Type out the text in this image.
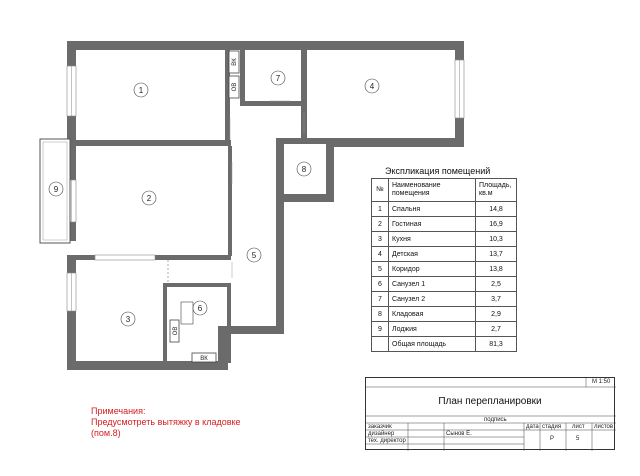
ВК
ОВ
ОВ
ВК
1
2
3
4
5
6
7
8
9
Экспликация помещений
№	Наименование помещения	Площадь, кв.м
1	Спальня	14,8
2	Гостиная	16,9
3	Кухня	10,3
4	Детская	13,7
5	Коридор	13,8
6	Санузел 1	2,5
7	Санузел 2	3,7
8	Кладовая	2,9
9	Лоджия	2,7
	Общая площадь	81,3
Примечания:
Предусмотреть вытяжку в кладовке
(пом.8)
М 1:50
План перепланировки
подпись
заказчик
дизайнер	Сынов Е.
тех. директор
дата стадия лист листов
Р	5
